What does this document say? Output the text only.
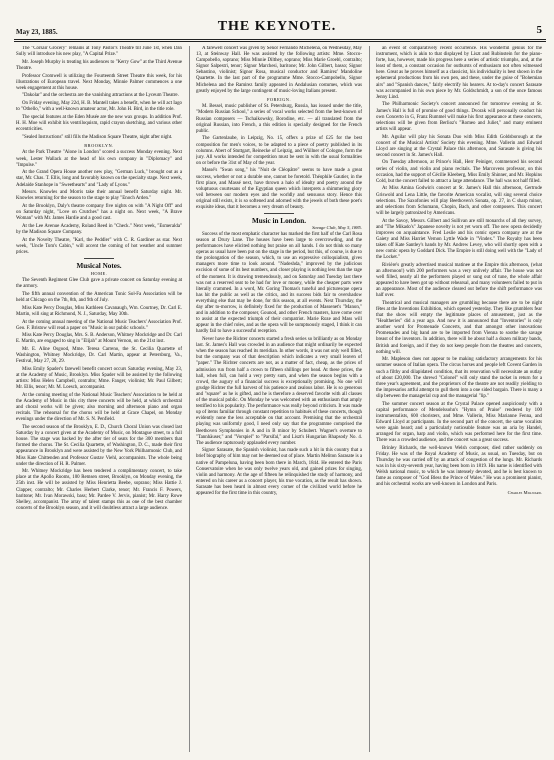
May 23, 1885.	THE KEYNOTE.	5

The "Corsair Grocery" remains at Tony Pastor's Theatre till June 1st, when Dan Sully will introduce his new play, "A Capital Prize."

Mr. Joseph Murphy is treating his audiences to "Kerry Gow" at the Third Avenue Theatre.

Professor Cromwell is utilizing the Fourteenth Street Theatre this week, for his illustrations of European travel. Next Monday, Minnie Palmer commences a one week engagement at this house.

"Dakolar" and the orchestra are the vanishing attractions at the Lyceum Theatre.

On Friday evening, May 22d, H. B. Mantell takes a benefit, when he will act Iago to "Othello," with a well-known amateur actor, Mr. John H. Bird, in the title role.

The special features at the Eden Musée are the new wax groups. In addition Prof. H. H. Moe will exhibit his ventriloquism, rapid crayon sketching, and various other eccentricities.

"Sealed Instructions" still fills the Madison Square Theatre, night after night.

BROOKLYN.

At the Park Theatre "Alone in London" scored a success Monday evening. Next week, Lester Wallack at the head of his own company in "Diplomacy" and "Impulse."

At the Grand Opera House another new play, "German Luck," brought out as a star, Mr. Chas. T. Ellis, long and favorably known on the specialty stage. Next week, Adelaide Stanhope in "Sweethearts" and "Lady of Lyons."

Messrs. Knowles and Morris take their annual benefit Saturday night. Mr. Knowles returning for the season to the stage to play "Enoch Arden."

At the Brooklyn, Daly's theatre company five nights on with "A Night Off" and on Saturday night, "Love on Crutches" has a night on. Next week, "A Brave Woman" with Mr. James Hardie and a good cast.

At the Lee Avenue Academy, Roland Reed in "Check." Next week, "Esmeralda" by the Madison Square Company.

At the Novelty Theatre, "Karl, the Peddler" with C. R. Gardiner as star. Next week, "Uncle Tom's Cabin," will accent the coming of hot weather and summer prices.

Musical Notes.
HOME.

The Seventh Regiment Glee Club gave a private concert on Saturday evening at the armory.

The fifth annual convention of the American Tonic Sol-Fa Association will be held at Chicago on the 7th, 8th, and 9th of July.

Miss Kate Percy Douglas, Miss Kathleen Cavanaugh, Wm. Courtney, Dr. Carl E. Martin, will sing at Richmond, N. J., Saturday, May 30th.

At the coming annual meeting of the National Music Teachers' Association Prof. Geo. F. Bristow will read a paper on "Music in our public schools."

Miss Kate Percy Douglas, Mrs. S. B. Anderson, Whitney Mockridge and Dr. Carl E. Martin, are engaged to sing in "Elijah" at Mount Vernon, on the 21st inst.

Mr. E. Aline Osgood, Mme. Teresa Carreno, the St. Cecilia Quartette of Washington, Whitney Mockridge, Dr. Carl Martin, appear at Petersburg, Va., Festival, May 27, 28, 29.

Miss Emily Spader's farewell benefit concert occurs Saturday evening, May 23, at the Academy of Music, Brooklyn. Miss Spader will be assisted by the following artists: Miss Helen Campbell, contralto; Mme. Fanger, violinist; Mr. Paul Gilbert; Mr. Ellis, tenor; Mr. M. Loesch, accompanist.

At the coming meeting of the National Music Teachers' Association to be held at the Academy of Music in this city three concerts will be held, at which orchestral and choral works will be given; also morning and afternoon piano and organ recitals. The rehearsal for the chorus will be held at Grace Chapel, on Monday evenings under the direction of Mr. S. N. Penfield.

The second season of the Brooklyn, E. D., Church Choral Union was closed last Saturday by a concert given at the Academy of Music, on Montague street, to a full house. The stage was backed by the after tier of seats for the 300 members that formed the chorus. The St. Cecilia Quartette, of Washington, D. C., made their first appearance in Brooklyn and were assisted by the New York Philharmonic Club, and Miss Kate Chittenden and Professor Gustav Viehl, accompanists. The whole being under the direction of H. R. Palmer.

Mr. Whitney Mockridge has been tendered a complimentary concert, to take place at the Apollo Rooms, 100 Remsen street, Brooklyn, on Monday evening, the 25th inst. He will be assisted by Miss Henrietta Beebe, soprano; Miss Hattie J. Clapper, contralto; Mr. Charles Herbert Clarke, tenor; Mr. Francis F. Powers, baritone; Mr. Ivan Morawski, bass; Mr. Pardee V. Jervis, pianist; Mr. Harry Rowe Shelley, accompanist. The array of talent stamps this as one of the best chamber concerts of the Brooklyn season, and it will doubtless attract a large audience.

A farewell concert was given by Senor Fernando Michelena, on Wednesday, May 13, at Steinway Hall. He was assisted by the following artists: Mme. Stocco-Campobello, soprano; Miss Minnie Dilthey, soprano; Miss Marie Groebl, contralto; Signor Salpestri, tenor; Signor Marchesi, baritone; Mr. John Gilbert, basso; Signor Sebastino, violinist; Signor Rosa, musical conductor and Ramirez' Mandoline Quartette. In the last part of the programme Mme. Stocco-Campobello, Signor Michelena and the Ramirez family appeared in Andalusian costumes, which was greatly enjoyed by the large contingent of music-loving Italians present.

FOREIGN.

M. Bessel, music publisher of St. Petersburg, Russia, has issued under the title, "Modern Russian School," a series of vocal works selected from the best-known of Russian composers — Tschaikowsky, Borodine, etc. — all translated from the original Russian, into French, a this edition is specially designed for the French public.

The Gartenlaube, in Leipzig, No. 15, offers a prize of £25 for the best composition for men's voices, to be adapted to a piece of poetry published in its columns. Abert of Stuttgart, Reinecke of Leipzig, and Wüllner of Cologne, form the jury. All works intended for competition must be sent in with the usual formalities on or before the 31st of May of the year.

Massé's "Swan song," his "Nuit de Cléopâtre" seems to have made a great success, whether or not a durable one, cannot be foretold. Théophile Gautier, in the first place, and Massé next, have thrown a halo of idealty and poetry around the voluptuous courtesans of the Egyptian queen which interprets a shimmering glory veil between our modern eyes and the worldly and sensuous story. Hence this original still exists, it is so softened and adorned with the jewels of both these poet's exquisite ideas, that it becomes a very dream of beauty.

Music in London.
Savage Club, May 5, 1885.

Success of the most emphatic character has marked the first half of the Carl Rosa season at Drury Lane. The houses have been large to overcrowding, and the performances have elicited nothing but praise on all hands. I do not think so many operas as usual have been put on the stage in the period, but this, of course, is due to the prolongation of the season, which, to use an expressive colloquialism, gives managers more time to look around. "Nadeshda," improved by the judicious excision of some of its best numbers, and closer playing is nothing less than the rage of the moment. It is drawing tremendously, and on Saturday and Tuesday last there was not a reserved seat to be had for love or money, while the cheaper parts were literally crammed. In a word, Mr. Goring Thomas's tuneful and picturesque opera has hit the public as well as the critics, and its success bids fair to overshadow everything else that may be done, for this season, at all events. Next Thursday, the day after to-morrow, is definitely fixed for the production of Massenet's "Manon," and in addition to the composer, Gounod, and other French masters, have come over to assist at the expected triumph of their compatriot. Marie Roze and Mass will appear in the chief roles, and as the opera will be sumptuously staged, I think it can hardly fail to have a successful reception.

Never have the Richter concerts started a fresh series so brilliantly as on Monday last. St. James's Hall was crowded in an audience that might ordinarily be expected when the season has reached its meridian. In other words, it was not only well filled, but the company was of that description which indicates a very small leaven of "paper." The Richter concerts are not, as a matter of fact, cheap, as the prices of admission run from half a crown to fifteen shillings per head. At these prices, the hall, when full, can hold a very pretty sum, and when the season begins with a crowd, the augury of a financial success is exceptionally promising. No one will grudge Richter the full harvest of his patience and zealous labor. He is so generous and "square" as he is gifted, and he is therefore a deserved favorite with all classes of the musical public. On Monday he was welcomed with an enthusiasm that amply testified to his popularity. The performance was really beyond criticism. It was made up of items familiar through constant repetition to habitués of these concerts, though evidently none the less acceptable on that account. Premising that the orchestral playing was uniformly good, I need only say that the programme comprised the Beethoven Symphonies in A and in B minor by Schubert. Wagner's overture to "Tannhäuser," and "Vorspiel" to "Parsifal," and Liszt's Hungarian Rhapsody No. 4. The audience rapturously applauded every number.

Signor Sarasate, the Spanish violinist, has made such a hit in this country that a brief biography of him may not be deemed out of place. Martin Meliton Sarasate is a native of Pampeluna, having been born there in March, 1844. He entered the Paris Conservatoire when he was only twelve years old, and gained prizes for singing, violin and harmony. At the age of fifteen he relinquished the study of harmony, and entered on his career as a concert player, his true vocation, as the result has shown. Sarasate has been heard in almost every corner of the civilized world before he appeared for the first time in this country,

an event of comparatively recent occurrence. His wonderful genius for the instrument, which is akin to that displayed by Liszt and Rubinstein for the piano-forte, has, however, made his progress here a series of artistic triumphs, and, at the least of them, a constant occasion for outbursts of enthusiasm not often witnessed here. Great as he proves himself as a classicist, his individuality is best shown in the ephemeral productions from his own pen, and these, under the guise of "Bohemian airs" and "Spanish dances," fairly electrify his hearers. At to-day's concert Sarasate was accompanied in his own piece by Mr. Goldschmidt, a son of the once famous Jenny Lind.

The Philharmonic Society's concert announced for tomorrow evening at St. James's Hall is full of promise of good things. Dvorak will personally conduct his own Concerto in G, Franz Rummel will make his first appearance at these concerts, selections will be given from Berlioz's "Romeo and Juliet," and many eminent artists will appear.

Mr. Aguilar will play his Sonata Duo with Miss Edith Goldsborough at the concert of the Musical Artists' Society this evening. Mme. Vallerin and Edward Lloyd are singing at the Crystal Palace this afternoon, and Sarasate is giving his second concert in St. James's Hall.

On Tuesday afternoon, at Prince's Hall, Herr Peiniger, commenced his second series of violin, and violin and piano recitals. The Marcovens professor, on this occasion, had the support of Cécilie Kleeberg, Miss Emily Shinner, and Mr. Hopkins Cold, but the concert failed to attract a large attendance. The hall was not half filled.

At Miss Amina Godwin's concert at St. James's Hall this afternoon, Gertrude Griswold and Lena Little, the favorite American vocalist, will sing several choice selections. The Saxofonies will play Beethoven's Sonata, op. 27, in C sharp minor, and selections from Schumann, Chopin, Bach, and other composers. This concert will be largely patronized by Americans.

At the Savoy, Messrs. Gilbert and Sullivan are still monarchs of all they survey, and "The Mikado's" Japanese novelty is not yet worn off. The new opera decidedly improves on acquaintance. Fred Leslie and his comic opera company are at the Gaiety and Miss Harriet Vernon Lyttle Wade in "Vindex." The Royalty has been taken off Kate Santley's hands by Mr. Andrew Levey, who will shortly open with a new comic opera by Goddard Dick. The Empire is still doing well with the "Lady of the Locket."

Rivière's greatly advertised musical matinee at the Empire this afternoon, (what an afternoon!) with 200 performers was a very unlively affair. The house was not well filled, nearly all the performers played or sung out of tune, the whole affair appeared to have been got up without rehearsal, and many volunteers failed to put in an appearance. Most of the audience cleared out before the shift performance was half over.

Theatrical and musical managers are grumbling because there are to be night fêtes at the Inventions Exhibition, which opened yesterday. They like grumblers fear that the show will empty the legitimate places of amusement, just as the "Healtheries" did a year ago. And now it is announced that "Inventories" is only another word for Promenade Concerts, and that amongst other innovations Promenades and big band are to be imported from Vienna to soothe the savage breast of the inventors. In addition, there will be about half a dozen military bands, British and foreign, and if they do not keep people from the theatres and concerts, nothing will.

Mr. Mapleson does not appear to be making satisfactory arrangements for his summer season of Italian opera. The circus horses and people left Covent Garden in such a filthy and dilapidated condition, that its renovation will necessitate an outlay of about £20,000. The shrewd "Colonel" will only stand the racket in return for a three year's agreement, and the proprietors of the theatre are not readily yielding to the impresarios artful attempt to gull them into a one sided bargain. There is many a slip between the managerial cup and the managerial "lip."

The summer concert season at the Crystal Palace opened auspiciously with a capital performance of Mendelssohn's "Hymn of Praise" rendered by 100 instrumentalists, 600 choristers, and Mme. Vallerin, Miss Marianne Fenna, and Edward Lloyd at participants. In the second part of the concert, the same vocalists were again heard; and a particularly noticeable feature was an aria by Handel, arranged for organ, harp and violin, which was performed here for the first time. There was a crowded audience, and the concert was a great success.

Brinley Richards, the well-known Welsh composer, died rather suddenly on Friday. He was of the Royal Academy of Music, as usual, on Tuesday, but on Thursday he was carried off by an attack of congestion of the lungs. Mr. Richards was in his sixty-seventh year, having been born in 1819. His name is identified with Welsh national music, to which he was intensely devoted, and he is best known to fame as composer of "God Bless the Prince of Wales." He was a prominent pianist, and his orchestral works are well-known in London and Paris.

Charles Millward.
